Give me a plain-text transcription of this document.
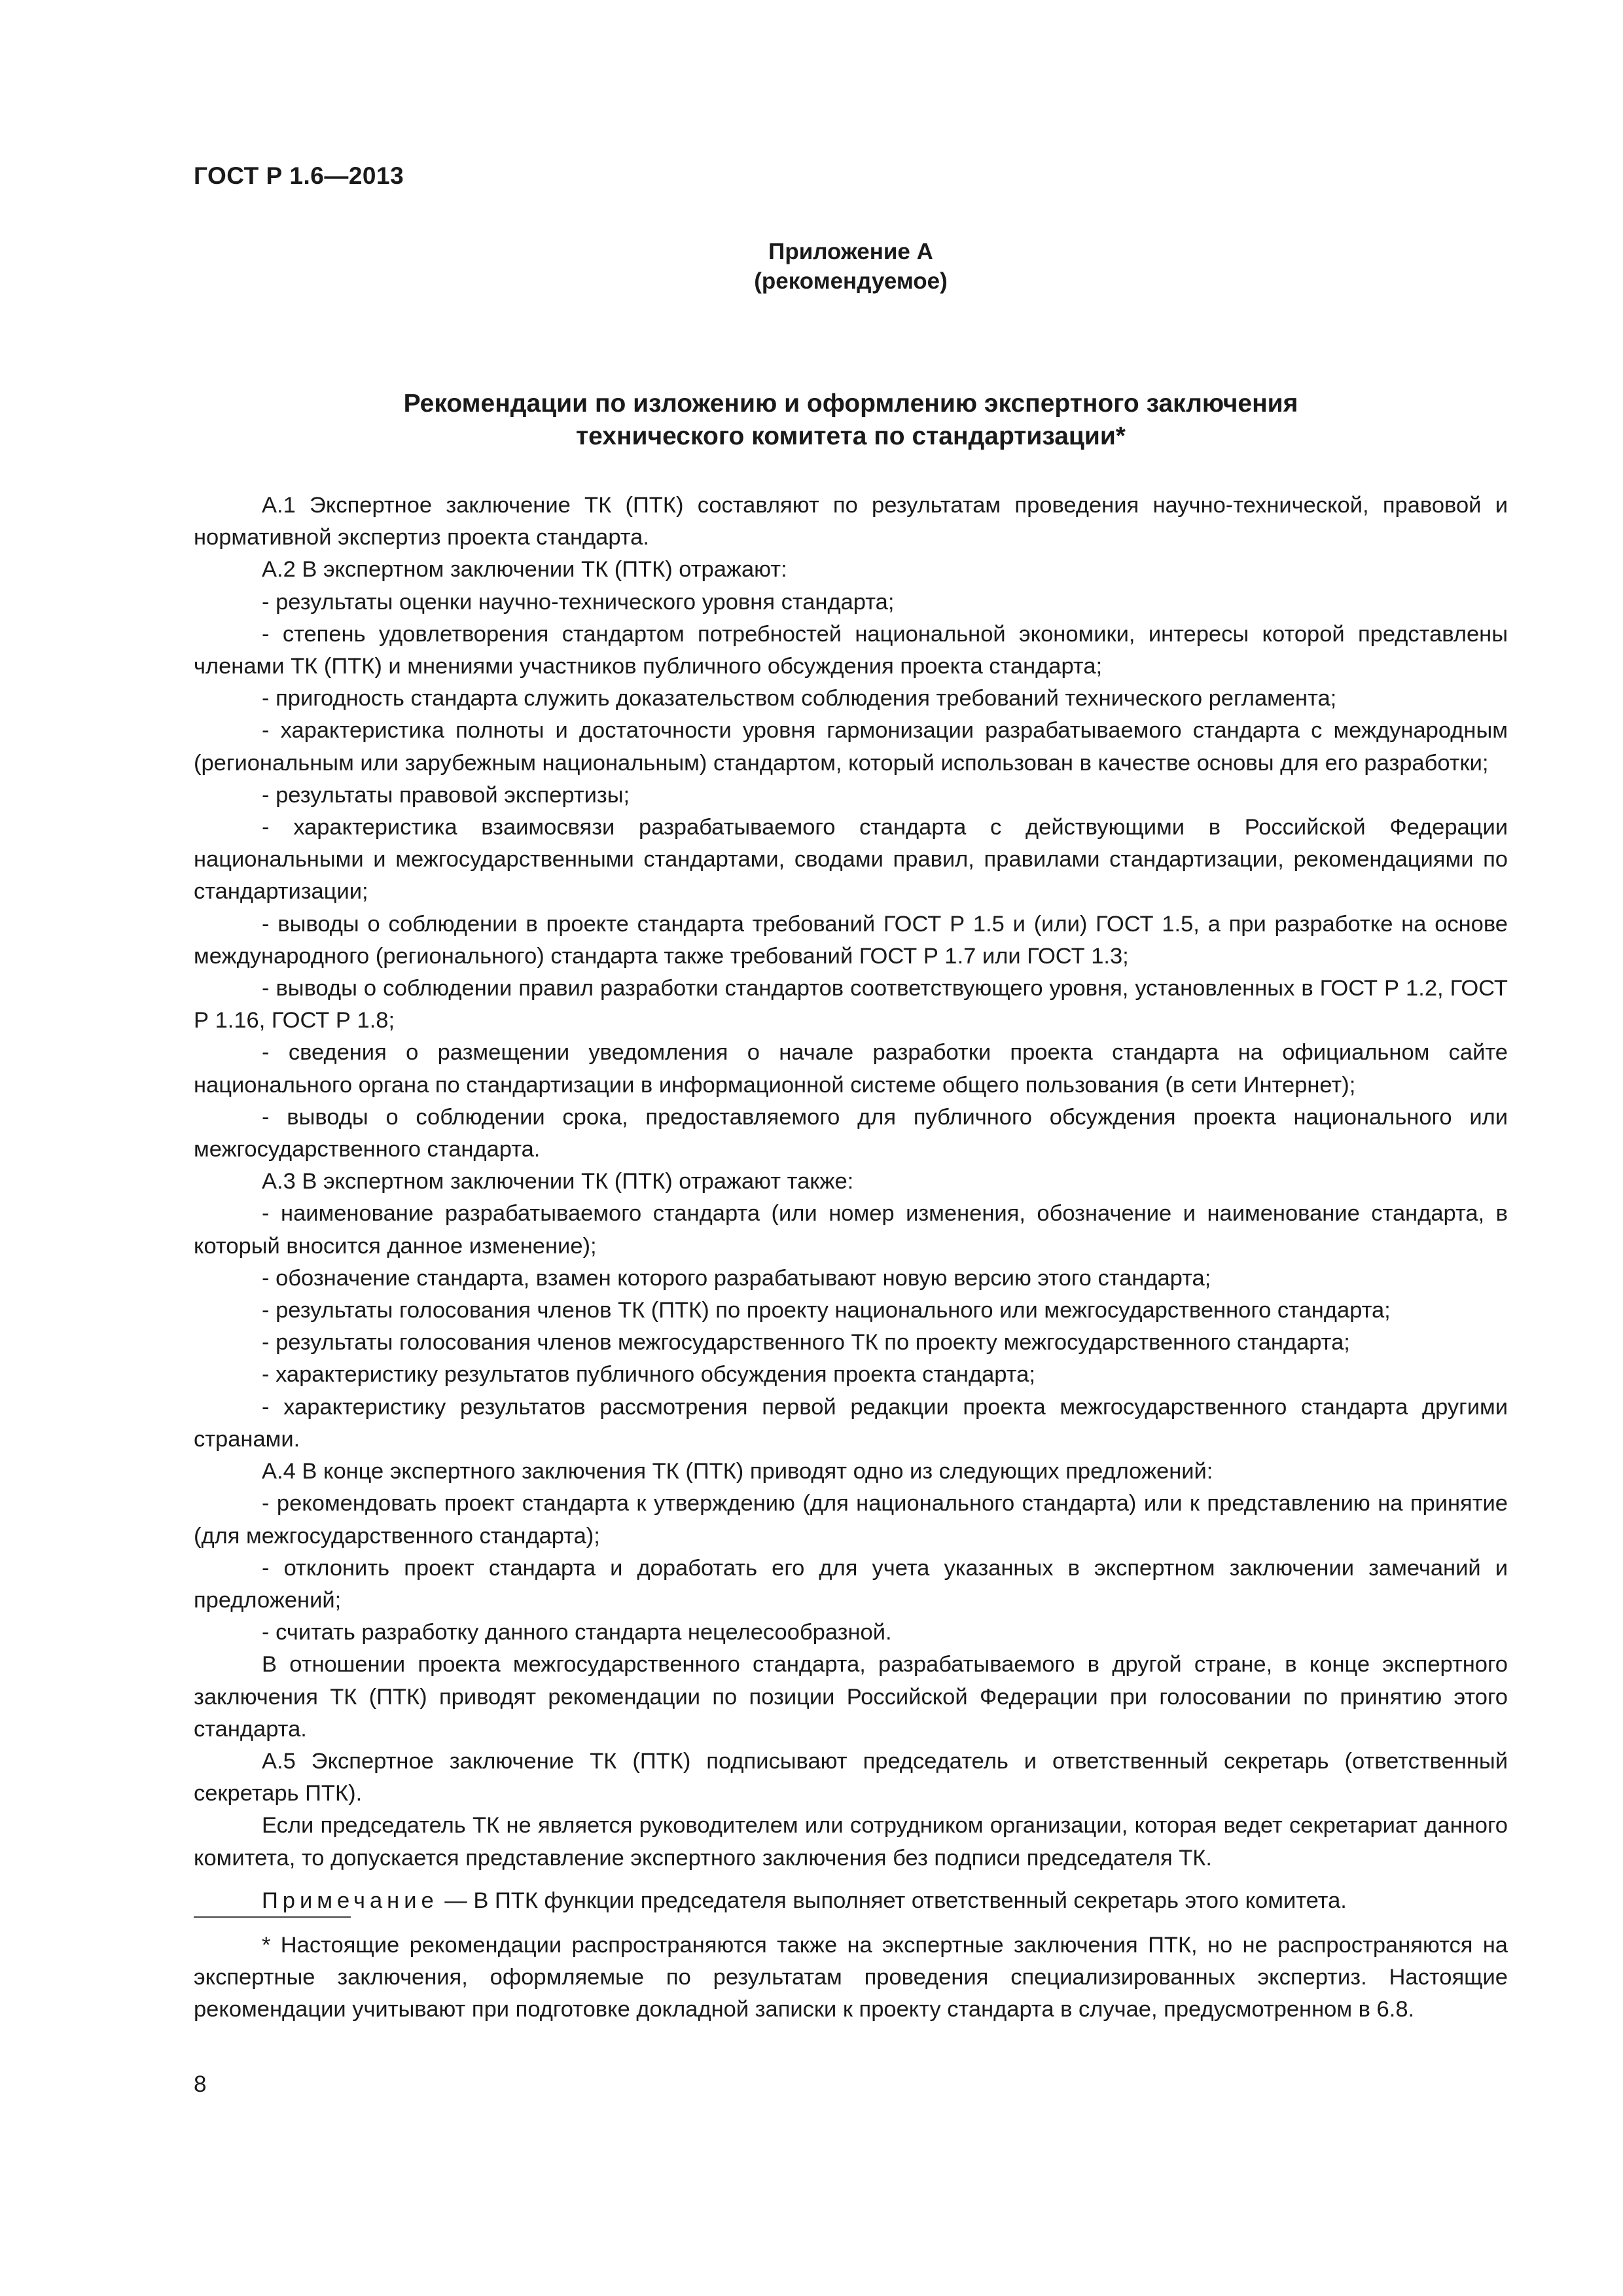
ГОСТ Р 1.6—2013
Приложение А
(рекомендуемое)
Рекомендации по изложению и оформлению экспертного заключения
технического комитета по стандартизации*

А.1 Экспертное заключение ТК (ПТК) составляют по результатам проведения научно-технической, правовой и нормативной экспертиз проекта стандарта.

А.2 В экспертном заключении ТК (ПТК) отражают:

- результаты оценки научно-технического уровня стандарта;

- степень удовлетворения стандартом потребностей национальной экономики, интересы которой представлены членами ТК (ПТК) и мнениями участников публичного обсуждения проекта стандарта;

- пригодность стандарта служить доказательством соблюдения требований технического регламента;

- характеристика полноты и достаточности уровня гармонизации разрабатываемого стандарта с международным (региональным или зарубежным национальным) стандартом, который использован в качестве основы для его разработки;

- результаты правовой экспертизы;

- характеристика взаимосвязи разрабатываемого стандарта с действующими в Российской Федерации национальными и межгосударственными стандартами, сводами правил, правилами стандартизации, рекомендациями по стандартизации;

- выводы о соблюдении в проекте стандарта требований ГОСТ Р 1.5 и (или) ГОСТ 1.5, а при разработке на основе международного (регионального) стандарта также требований ГОСТ Р 1.7 или ГОСТ 1.3;

- выводы о соблюдении правил разработки стандартов соответствующего уровня, установленных в ГОСТ Р 1.2, ГОСТ Р 1.16, ГОСТ Р 1.8;

- сведения о размещении уведомления о начале разработки проекта стандарта на официальном сайте национального органа по стандартизации в информационной системе общего пользования (в сети Интернет);

- выводы о соблюдении срока, предоставляемого для публичного обсуждения проекта национального или межгосударственного стандарта.

А.3 В экспертном заключении ТК (ПТК) отражают также:

- наименование разрабатываемого стандарта (или номер изменения, обозначение и наименование стандарта, в который вносится данное изменение);

- обозначение стандарта, взамен которого разрабатывают новую версию этого стандарта;

- результаты голосования членов ТК (ПТК) по проекту национального или межгосударственного стандарта;

- результаты голосования членов межгосударственного ТК по проекту межгосударственного стандарта;

- характеристику результатов публичного обсуждения проекта стандарта;

- характеристику результатов рассмотрения первой редакции проекта межгосударственного стандарта другими странами.

А.4 В конце экспертного заключения ТК (ПТК) приводят одно из следующих предложений:

- рекомендовать проект стандарта к утверждению (для национального стандарта) или к представлению на принятие (для межгосударственного стандарта);

- отклонить проект стандарта и доработать его для учета указанных в экспертном заключении замечаний и предложений;

- считать разработку данного стандарта нецелесообразной.

В отношении проекта межгосударственного стандарта, разрабатываемого в другой стране, в конце экспертного заключения ТК (ПТК) приводят рекомендации по позиции Российской Федерации при голосовании по принятию этого стандарта.

А.5 Экспертное заключение ТК (ПТК) подписывают председатель и ответственный секретарь (ответственный секретарь ПТК).

Если председатель ТК не является руководителем или сотрудником организации, которая ведет секретариат данного комитета, то допускается представление экспертного заключения без подписи председателя ТК.

Примечание — В ПТК функции председателя выполняет ответственный секретарь этого комитета.

* Настоящие рекомендации распространяются также на экспертные заключения ПТК, но не распространяются на экспертные заключения, оформляемые по результатам проведения специализированных экспертиз. Настоящие рекомендации учитывают при подготовке докладной записки к проекту стандарта в случае, предусмотренном в 6.8.

8
